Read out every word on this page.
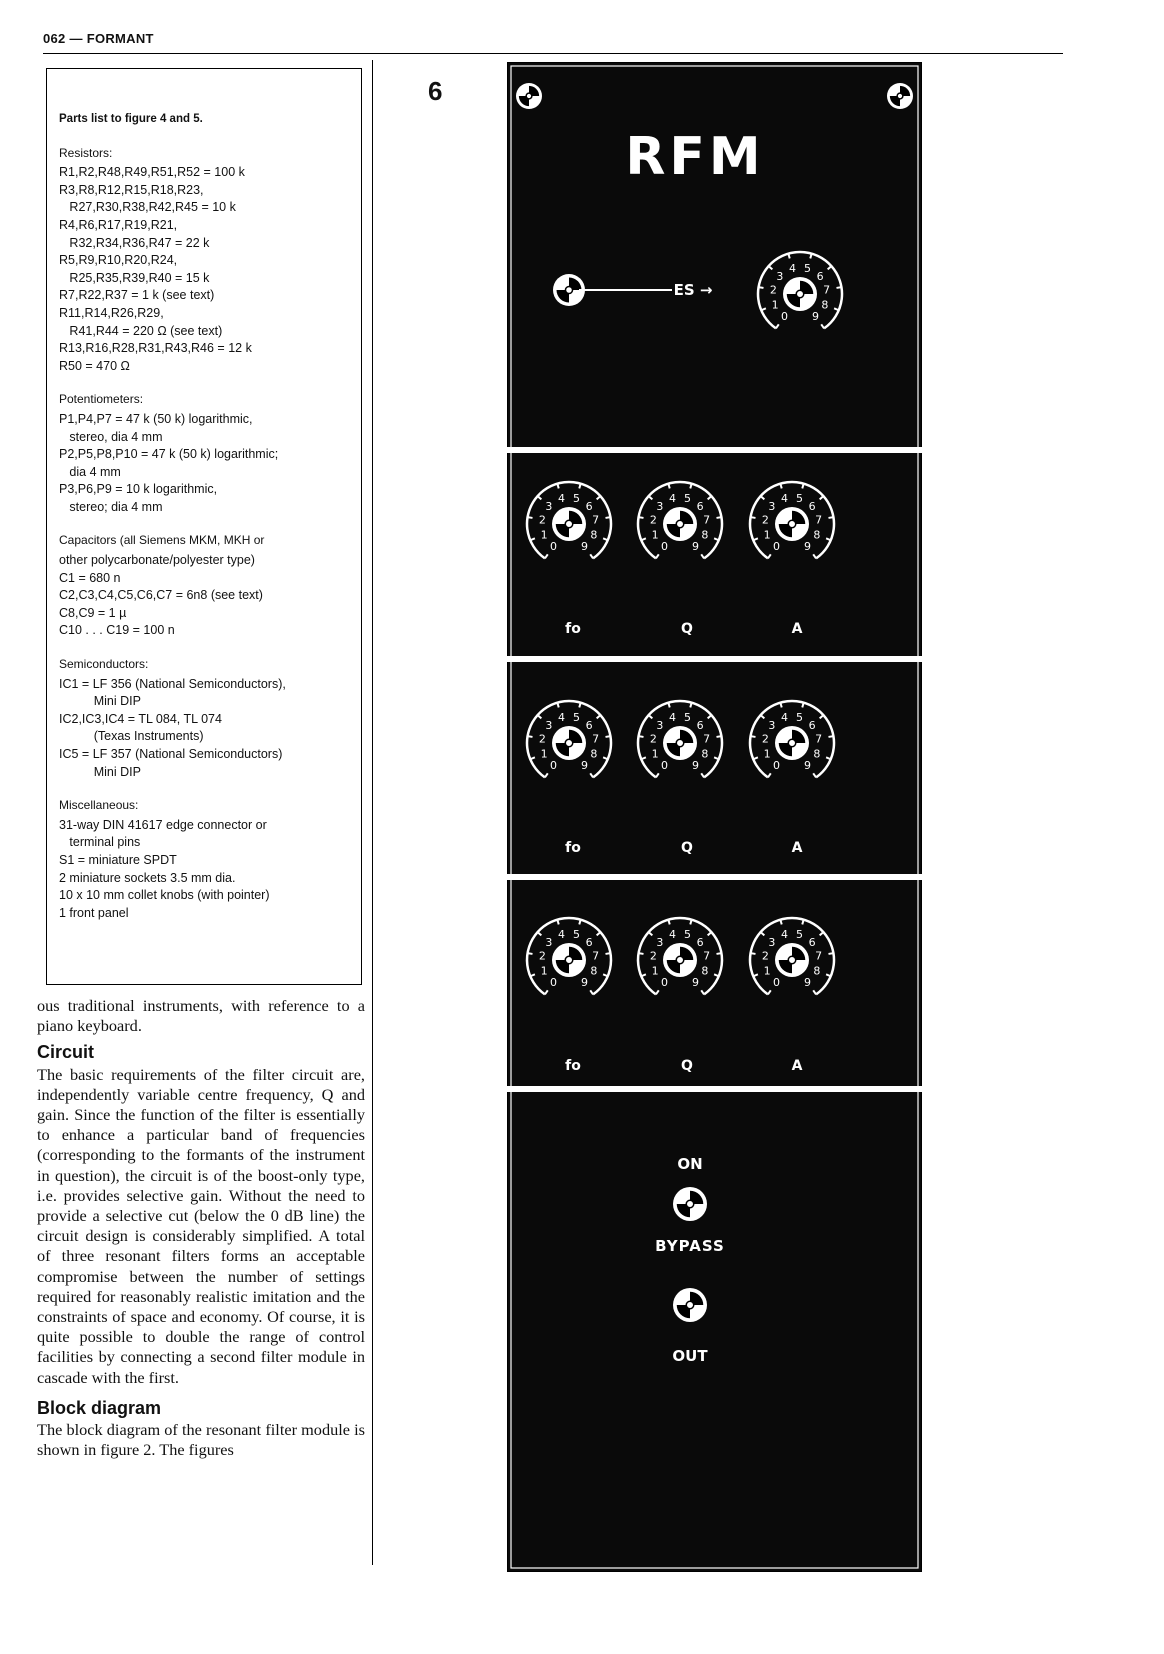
062 — FORMANT
Parts list to figure 4 and 5.
Resistors:
R1,R2,R48,R49,R51,R52 = 100 k
R3,R8,R12,R15,R18,R23,
R27,R30,R38,R42,R45 = 10 k
R4,R6,R17,R19,R21,
R32,R34,R36,R47 = 22 k
R5,R9,R10,R20,R24,
R25,R35,R39,R40 = 15 k
R7,R22,R37 = 1 k (see text)
R11,R14,R26,R29,
R41,R44 = 220 Ω (see text)
R13,R16,R28,R31,R43,R46 = 12 k
R50 = 470 Ω
Potentiometers:
P1,P4,P7 = 47 k (50 k) logarithmic,
stereo, dia 4 mm
P2,P5,P8,P10 = 47 k (50 k) logarithmic;
dia 4 mm
P3,P6,P9 = 10 k logarithmic,
stereo; dia 4 mm
Capacitors (all Siemens MKM, MKH or
other polycarbonate/polyester type)
C1 = 680 n
C2,C3,C4,C5,C6,C7 = 6n8 (see text)
C8,C9 = 1 µ
C10 . . . C19 = 100 n
Semiconductors:
IC1 = LF 356 (National Semiconductors),
Mini DIP
IC2,IC3,IC4 = TL 084, TL 074
(Texas Instruments)
IC5 = LF 357 (National Semiconductors)
Mini DIP
Miscellaneous:
31-way DIN 41617 edge connector or
terminal pins
S1 = miniature SPDT
2 miniature sockets 3.5 mm dia.
10 x 10 mm collet knobs (with pointer)
1 front panel

ous traditional instruments, with reference to a piano keyboard.

Circuit

The basic requirements of the filter circuit are, independently variable centre frequency, Q and gain. Since the function of the filter is essentially to enhance a particular band of frequencies (corresponding to the formants of the instrument in question), the circuit is of the boost-only type, i.e. provides selective gain. Without the need to provide a selective cut (below the 0 dB line) the circuit design is considerably simplified. A total of three resonant filters forms an acceptable compromise between the number of settings required for reasonably realistic imitation and the constraints of space and economy. Of course, it is quite possible to double the range of control facilities by connecting a second filter module in cascade with the first.

Block diagram

The block diagram of the resonant filter module is shown in figure 2. The figures

6
RFM
ES →
ON
BYPASS
OUT
0
1
2
3
4 5
6
7
8
9
0
1
2
3
4 5
6
7
8
9	0
1
2
3
4 5
6
7
8
9	0
1
2
3
4 5
6
7
8
9
fo	Q	A
0
1
2
3
4 5
6
7
8
9	0
1
2
3
4 5
6
7
8
9	0
1
2
3
4 5
6
7
8
9
fo	Q	A
0
1
2
3
4 5
6
7
8
9	0
1
2
3
4 5
6
7
8
9	0
1
2
3
4 5
6
7
8
9
fo	Q	A
